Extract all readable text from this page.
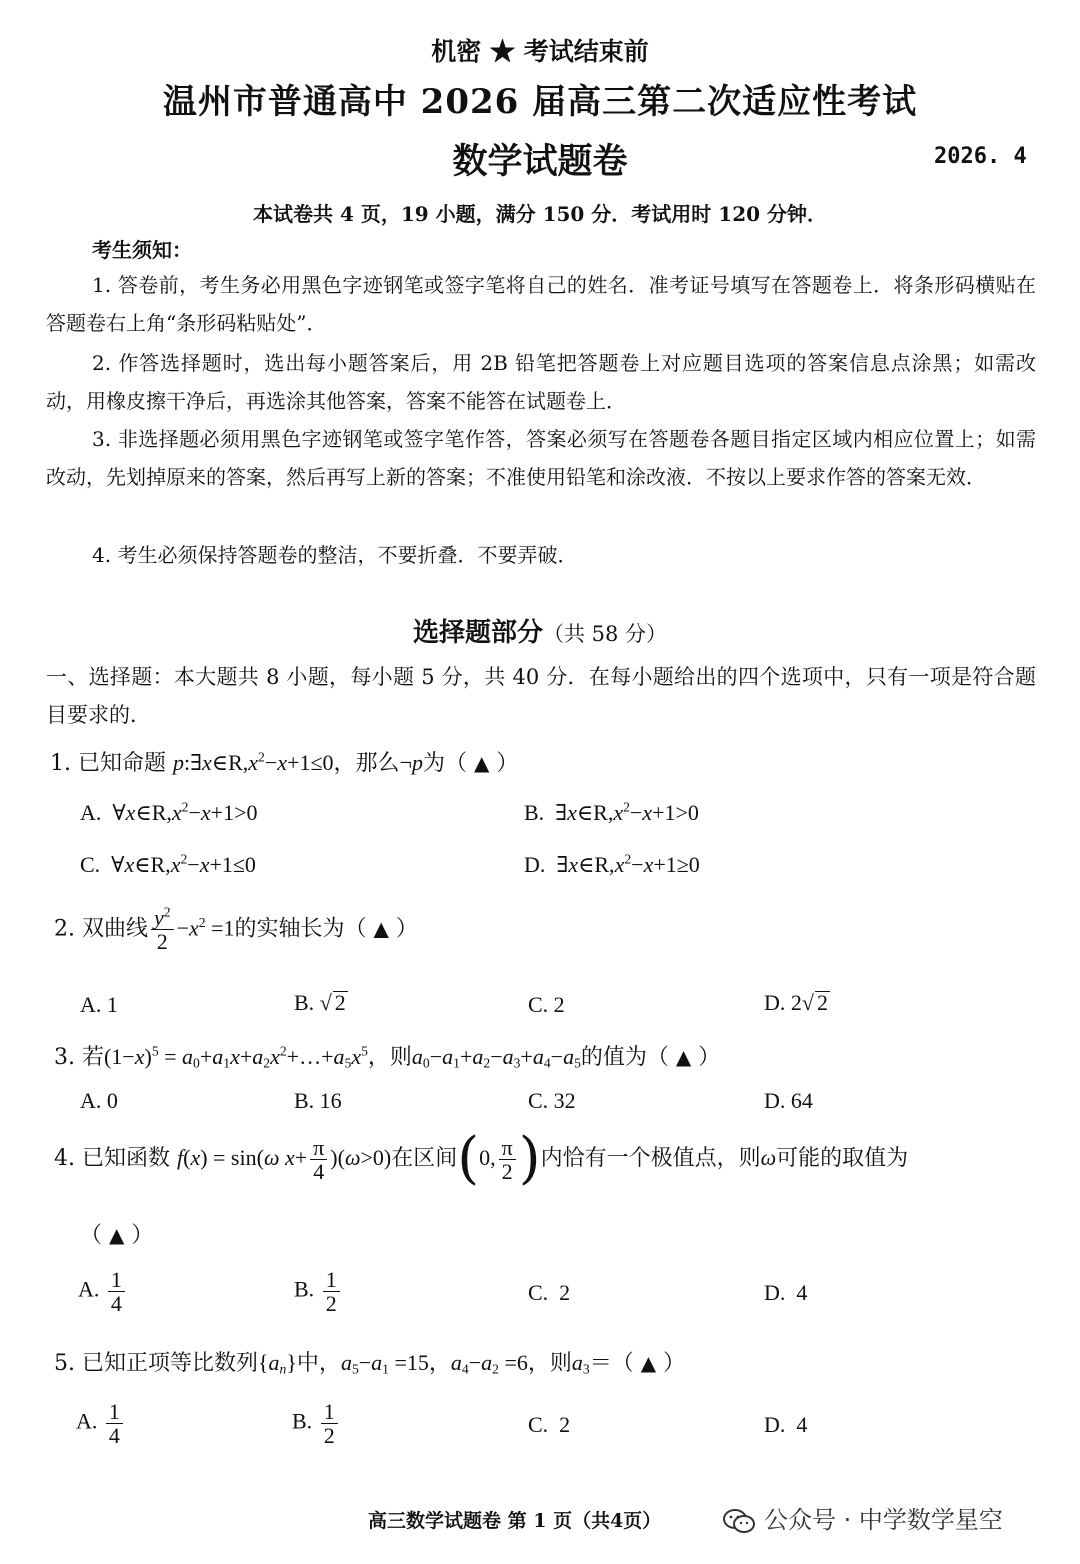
机密 ★ 考试结束前
温州市普通高中 2026 届高三第二次适应性考试
数学试题卷	2026. 4
本试卷共 4 页，19 小题，满分 150 分．考试用时 120 分钟．
考生须知：
1. 答卷前，考生务必用黑色字迹钢笔或签字笔将自己的姓名．准考证号填写在答题卷上．将条形码横贴在答题卷右上角“条形码粘贴处”．
2. 作答选择题时，选出每小题答案后，用 2B 铅笔把答题卷上对应题目选项的答案信息点涂黑；如需改动，用橡皮擦干净后，再选涂其他答案，答案不能答在试题卷上．
3. 非选择题必须用黑色字迹钢笔或签字笔作答，答案必须写在答题卷各题目指定区域内相应位置上；如需改动，先划掉原来的答案，然后再写上新的答案；不准使用铅笔和涂改液．不按以上要求作答的答案无效．
4. 考生必须保持答题卷的整洁，不要折叠．不要弄破．
选择题部分（共 58 分）
一、选择题：本大题共 8 小题，每小题 5 分，共 40 分．在每小题给出的四个选项中，只有一项是符合题目要求的．
1. 已知命题 $p:\exists x\in R,x^2-x+1\le 0$，那么¬p为（ ▲ ）
A.  $\forall x\in R,x^2-x+1>0$	B.  $\exists x\in R,x^2-x+1>0$
C.  $\forall x\in R,x^2-x+1\le 0$	D.  $\exists x\in R,x^2-x+1\ge 0$
2. 双曲线 $\frac{y^2}{2} -x^2 =1$的实轴长为（ ▲ ）
A. 1	B. √ 2	C. 2	D. 2√ 2
3. 若$(1-x)^5$ = $a_0+a_1x+a_2x^2+\dots+a_5x^5$，则$a_0-a_1+a_2-a_3+a_4-a_5$的值为（ ▲ ）
A. 0	B. 16	C. 32	D. 64
4. 已知函数 f(x) = sin(ω $x+ \frac{\pi}{4} )(\omega>0)$在区间(0, $\frac{\pi}{2}$ )内恰有一个极值点，则ω可能的取值为
（ ▲ ）
A. $\frac{1}{4}$	B. $\frac{1}{2}$	C.  2	D.  4
5. 已知正项等比数列$\{a_n\}$中，$a_5-a_1 =15$，$a_4-a_2 =6$，则$a_3=$（ ▲ ）
A. $\frac{1}{4}$	B. $\frac{1}{2}$	C.  2	D.  4
高三数学试题卷 第 1 页（共4页）	公众号 · 中学数学星空
